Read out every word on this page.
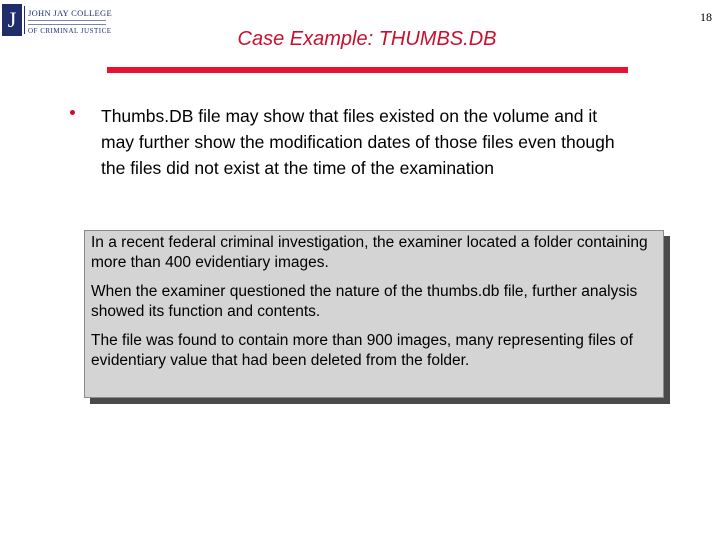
J	JOHN JAY COLLEGE
OF CRIMINAL JUSTICE
18
Case Example: THUMBS.DB
Thumbs.DB file may show that files existed on the volume and it may further show the modification dates of those files even though the files did not exist at the time of the examination

In a recent federal criminal investigation, the examiner located a folder containing more than 400 evidentiary images.

When the examiner questioned the nature of the thumbs.db file, further analysis showed its function and contents.

The file was found to contain more than 900 images, many representing files of evidentiary value that had been deleted from the folder.
